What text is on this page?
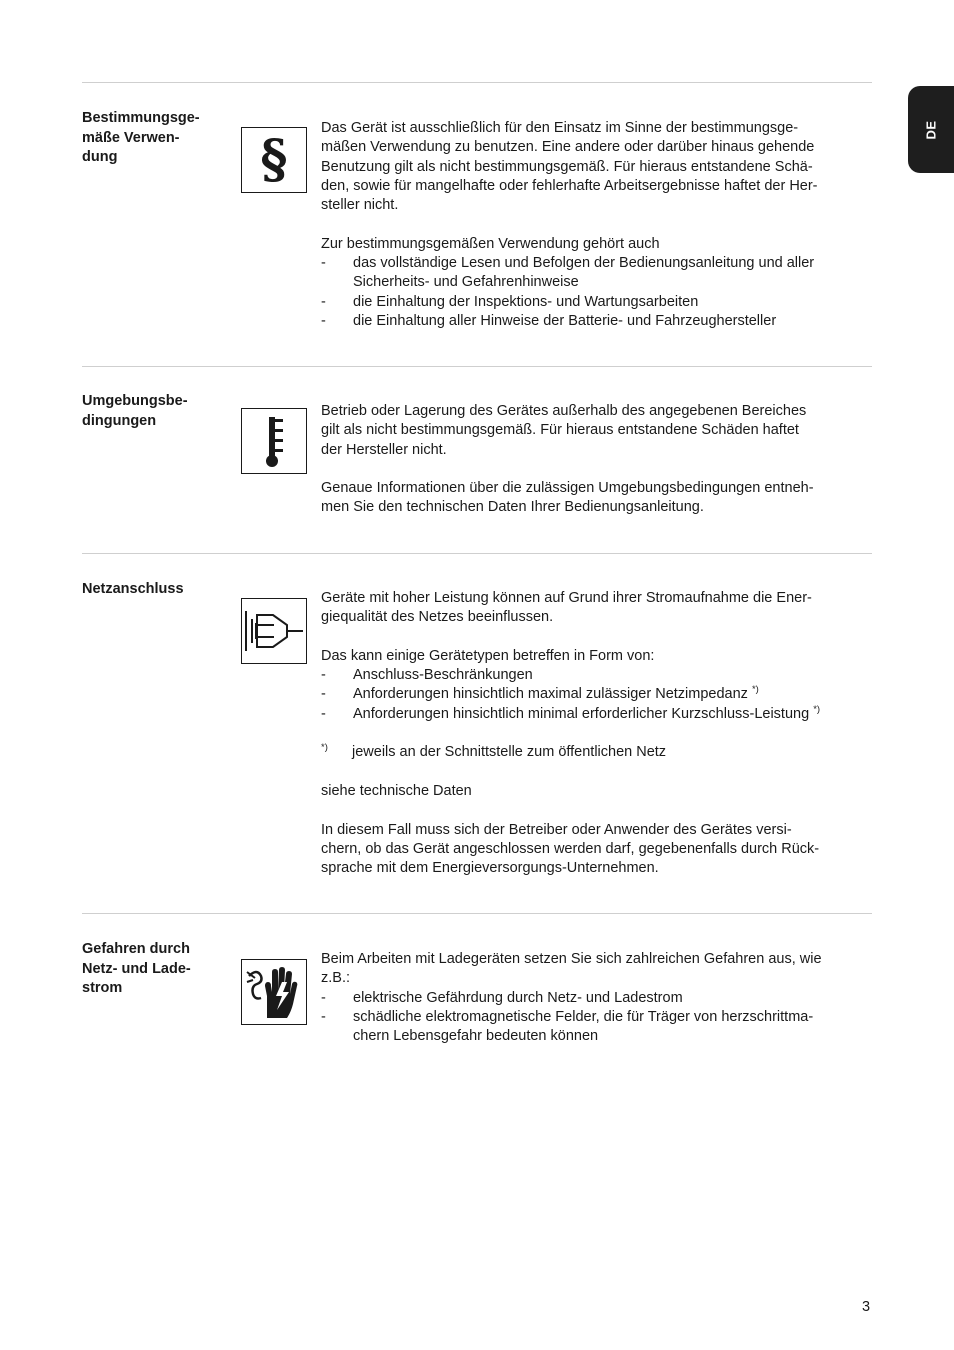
DE
Bestimmungsge-
mäße Verwen-
dung	§

Das Gerät ist ausschließlich für den Einsatz im Sinne der bestimmungsge-
mäßen Verwendung zu benutzen. Eine andere oder darüber hinaus gehende
Benutzung gilt als nicht bestimmungsgemäß. Für hieraus entstandene Schä-
den, sowie für mangelhafte oder fehlerhafte Arbeitsergebnisse haftet der Her-
steller nicht.

Zur bestimmungsgemäßen Verwendung gehört auch

-	das vollständige Lesen und Befolgen der Bedienungsanleitung und aller
Sicherheits- und Gefahrenhinweise
-	die Einhaltung der Inspektions- und Wartungsarbeiten
-	die Einhaltung aller Hinweise der Batterie- und Fahrzeughersteller
Umgebungsbe-
dingungen

Betrieb oder Lagerung des Gerätes außerhalb des angegebenen Bereiches
gilt als nicht bestimmungsgemäß. Für hieraus entstandene Schäden haftet
der Hersteller nicht.

Genaue Informationen über die zulässigen Umgebungsbedingungen entneh-
men Sie den technischen Daten Ihrer Bedienungsanleitung.

Netzanschluss

Geräte mit hoher Leistung können auf Grund ihrer Stromaufnahme die Ener-
giequalität des Netzes beeinflussen.

Das kann einige Gerätetypen betreffen in Form von:

-	Anschluss-Beschränkungen
-	Anforderungen hinsichtlich maximal zulässiger Netzimpedanz *)
-	Anforderungen hinsichtlich minimal erforderlicher Kurzschluss-Leistung *)
*)	jeweils an der Schnittstelle zum öffentlichen Netz

siehe technische Daten

In diesem Fall muss sich der Betreiber oder Anwender des Gerätes versi-
chern, ob das Gerät angeschlossen werden darf, gegebenenfalls durch Rück-
sprache mit dem Energieversorgungs-Unternehmen.

Gefahren durch
Netz- und Lade-
strom

Beim Arbeiten mit Ladegeräten setzen Sie sich zahlreichen Gefahren aus, wie
z.B.:

-	elektrische Gefährdung durch Netz- und Ladestrom
-	schädliche elektromagnetische Felder, die für Träger von herzschrittma-
chern Lebensgefahr bedeuten können
3
